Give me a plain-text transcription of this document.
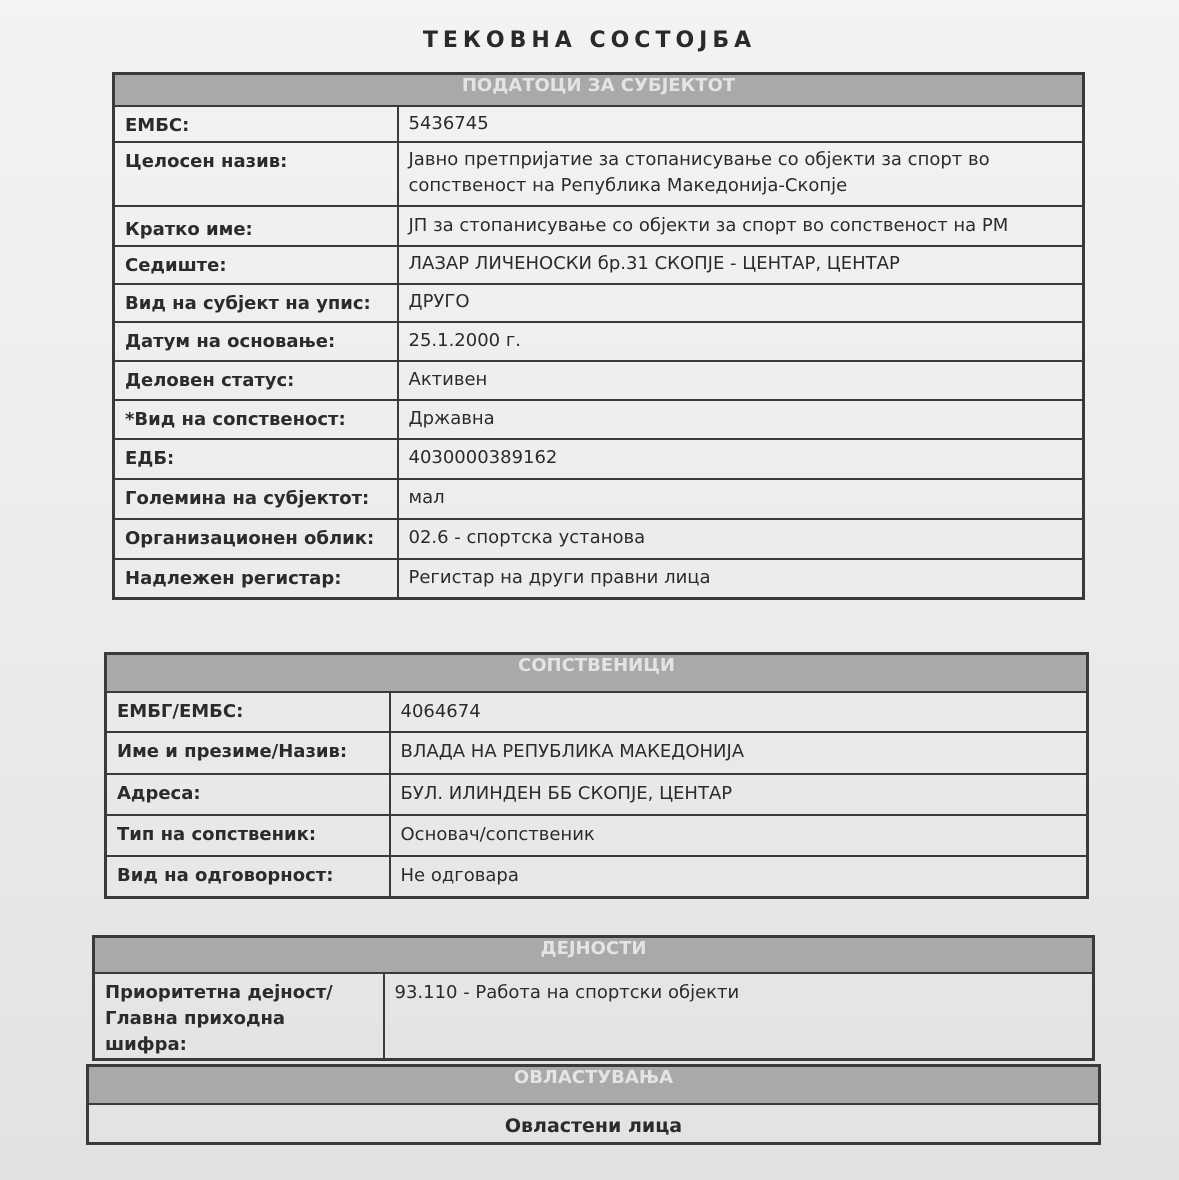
ТЕКОВНА СОСТОЈБА
ПОДАТОЦИ ЗА СУБЈЕКТОТ	
ЕМБС:	5436745
Целосен назив:	Јавно претпријатие за стопанисување со објекти за спорт во сопственост на Република Македонија-Скопје
Кратко име:	ЈП за стопанисување со објекти за спорт во сопственост на РМ
Седиште:	ЛАЗАР ЛИЧЕНОСКИ бр.31 СКОПЈЕ - ЦЕНТАР, ЦЕНТАР
Вид на субјект на упис:	ДРУГО
Датум на основање:	25.1.2000 г.
Деловен статус:	Активен
*Вид на сопственост:	Државна
ЕДБ:	4030000389162
Големина на субјектот:	мал
Организационен облик:	02.6 - спортска установа
Надлежен регистар:	Регистар на други правни лица
СОПСТВЕНИЦИ	
ЕМБГ/ЕМБС:	4064674
Име и презиме/Назив:	ВЛАДА НА РЕПУБЛИКА МАКЕДОНИЈА
Адреса:	БУЛ. ИЛИНДЕН ББ СКОПЈЕ, ЦЕНТАР
Тип на сопственик:	Основач/сопственик
Вид на одговорност:	Не одговара
ДЕЈНОСТИ

Приоритетна дејност/
Главна приходна шифра:
	93.110 - Работа на спортски објекти
ОВЛАСТУВАЊА
Овластени лица
